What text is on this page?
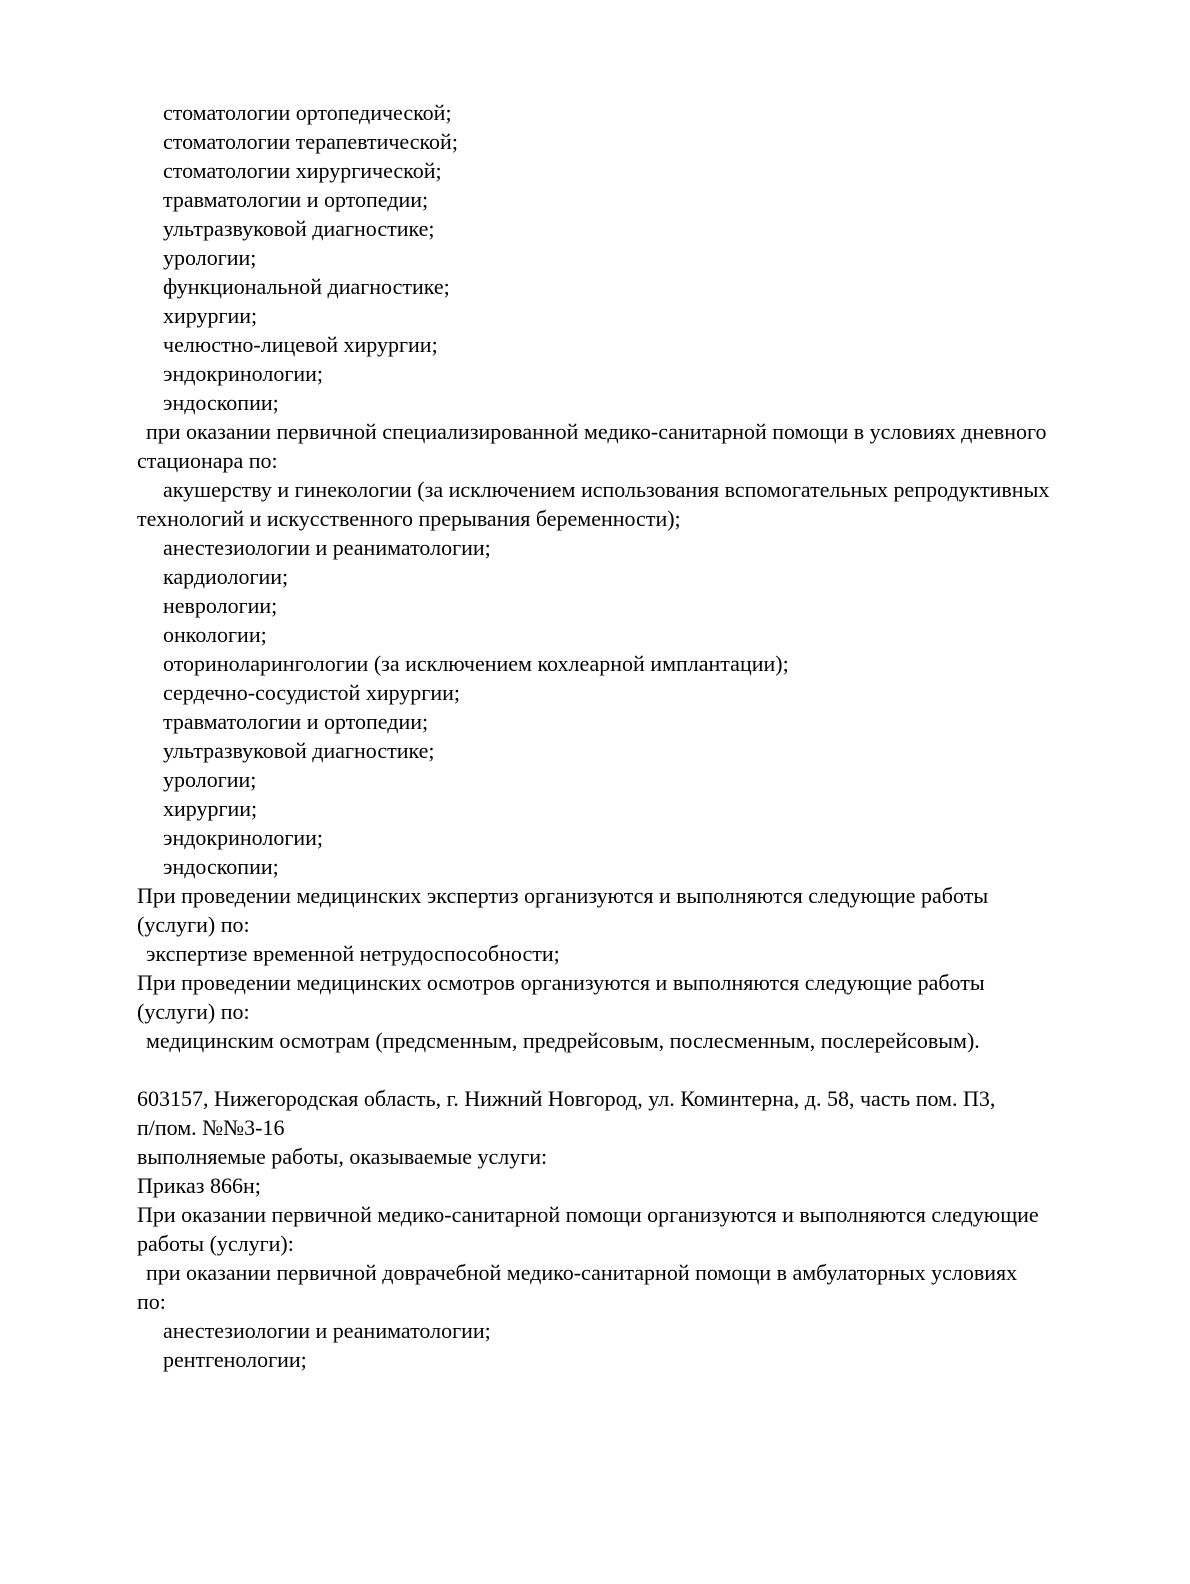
стоматологии ортопедической;

стоматологии терапевтической;

стоматологии хирургической;

травматологии и ортопедии;

ультразвуковой диагностике;

урологии;

функциональной диагностике;

хирургии;

челюстно-лицевой хирургии;

эндокринологии;

эндоскопии;

при оказании первичной специализированной медико-санитарной помощи в условиях дневного

стационара по:

акушерству и гинекологии (за исключением использования вспомогательных репродуктивных

технологий и искусственного прерывания беременности);

анестезиологии и реаниматологии;

кардиологии;

неврологии;

онкологии;

оториноларингологии (за исключением кохлеарной имплантации);

сердечно-сосудистой хирургии;

травматологии и ортопедии;

ультразвуковой диагностике;

урологии;

хирургии;

эндокринологии;

эндоскопии;

При проведении медицинских экспертиз организуются и выполняются следующие работы

(услуги) по:

экспертизе временной нетрудоспособности;

При проведении медицинских осмотров организуются и выполняются следующие работы

(услуги) по:

медицинским осмотрам (предсменным, предрейсовым, послесменным, послерейсовым).

603157, Нижегородская область, г. Нижний Новгород, ул. Коминтерна, д. 58, часть пом. П3,

п/пом. №№3-16

выполняемые работы, оказываемые услуги:

Приказ 866н;

При оказании первичной медико-санитарной помощи организуются и выполняются следующие

работы (услуги):

при оказании первичной доврачебной медико-санитарной помощи в амбулаторных условиях

по:

анестезиологии и реаниматологии;

рентгенологии;
